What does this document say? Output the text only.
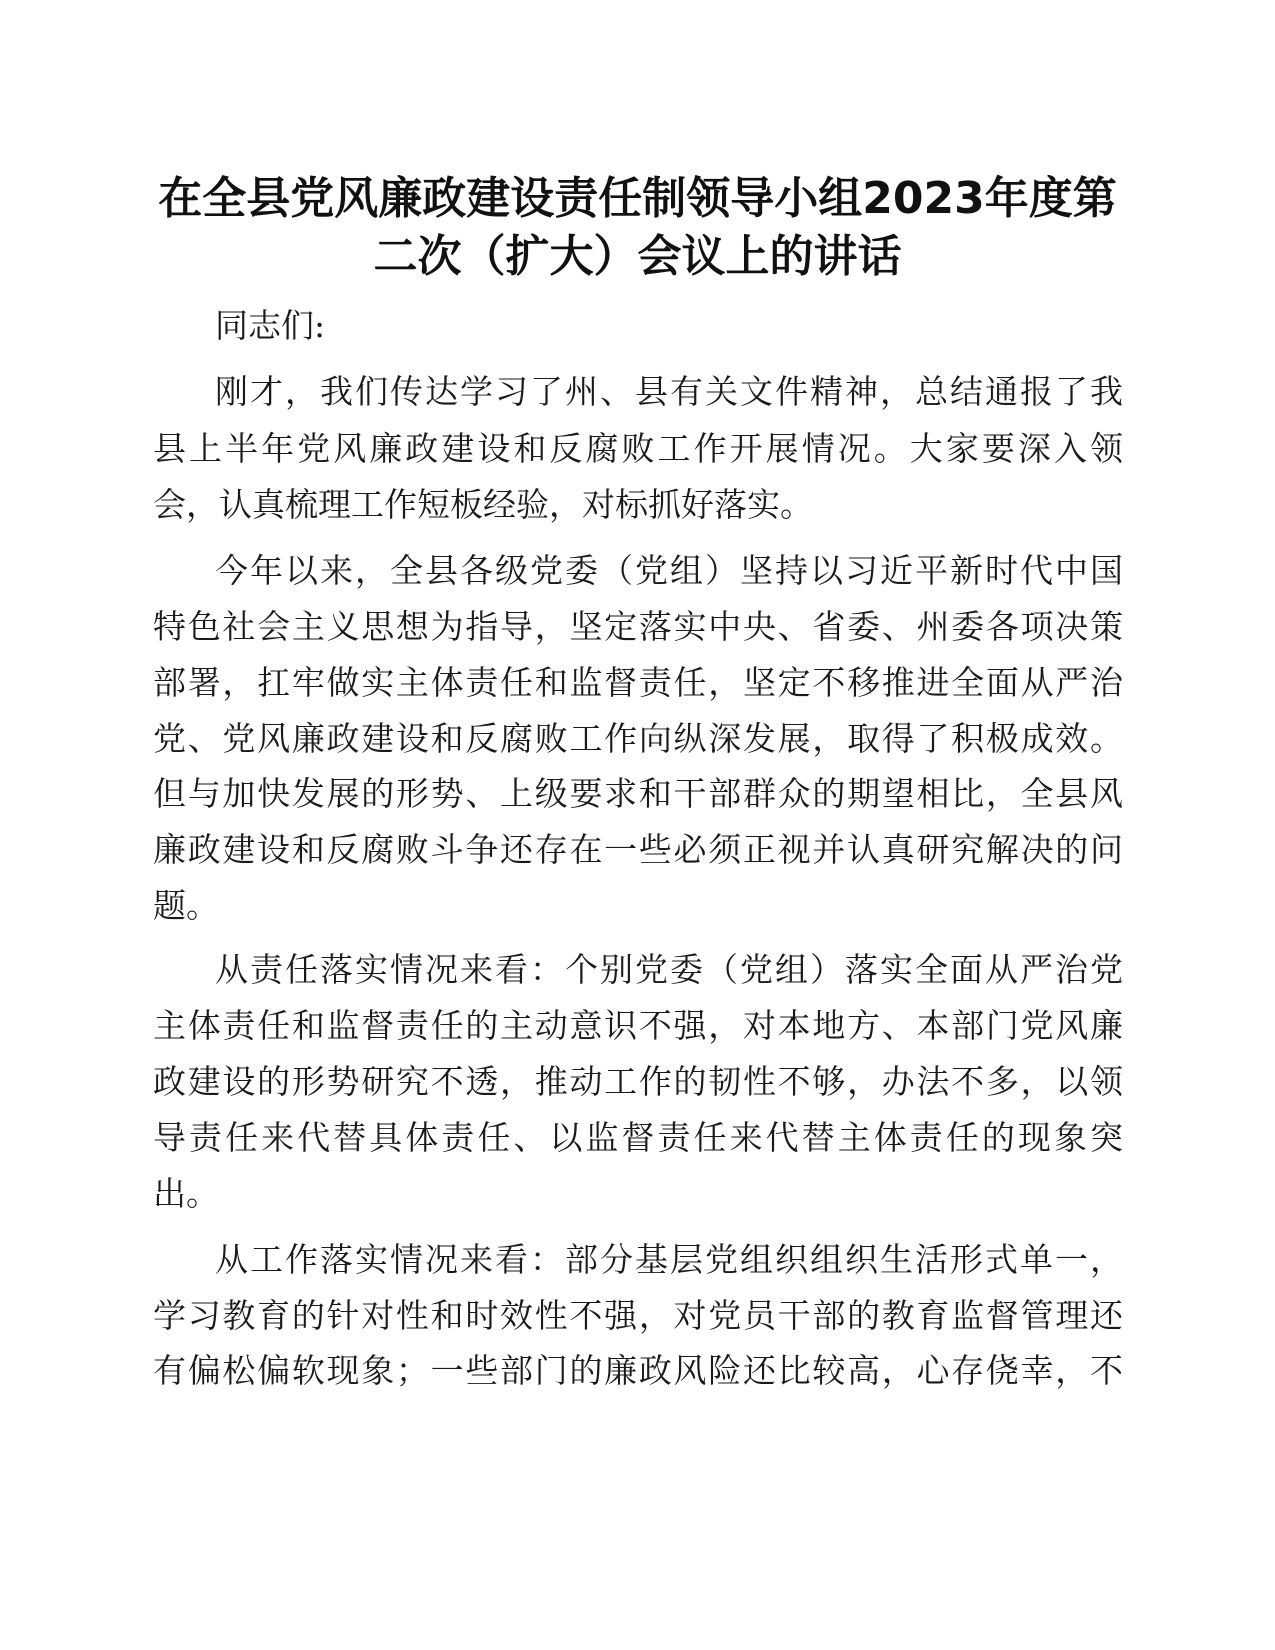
在全县党风廉政建设责任制领导小组2023年度第
二次（扩大）会议上的讲话
同志们:
刚才，我们传达学习了州、县有关文件精神，总结通报了我
县上半年党风廉政建设和反腐败工作开展情况。大家要深入领
会，认真梳理工作短板经验，对标抓好落实。
今年以来，全县各级党委（党组）坚持以习近平新时代中国
特色社会主义思想为指导，坚定落实中央、省委、州委各项决策
部署，扛牢做实主体责任和监督责任，坚定不移推进全面从严治
党、党风廉政建设和反腐败工作向纵深发展，取得了积极成效。
但与加快发展的形势、上级要求和干部群众的期望相比，全县风
廉政建设和反腐败斗争还存在一些必须正视并认真研究解决的问
题。
从责任落实情况来看：个别党委（党组）落实全面从严治党
主体责任和监督责任的主动意识不强，对本地方、本部门党风廉
政建设的形势研究不透，推动工作的韧性不够，办法不多，以领
导责任来代替具体责任、以监督责任来代替主体责任的现象突
出。
从工作落实情况来看：部分基层党组织组织生活形式单一，
学习教育的针对性和时效性不强，对党员干部的教育监督管理还
有偏松偏软现象；一些部门的廉政风险还比较高，心存侥幸，不
